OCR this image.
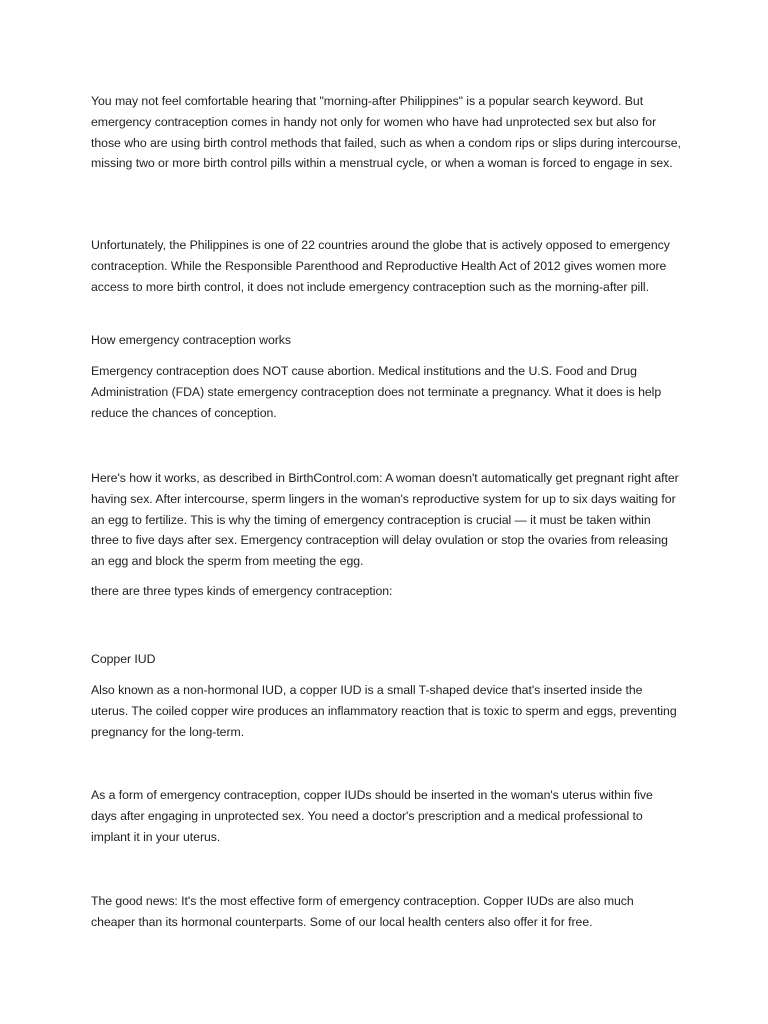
You may not feel comfortable hearing that "morning-after Philippines" is a popular search keyword. But emergency contraception comes in handy not only for women who have had unprotected sex but also for those who are using birth control methods that failed, such as when a condom rips or slips during intercourse, missing two or more birth control pills within a menstrual cycle, or when a woman is forced to engage in sex.

Unfortunately, the Philippines is one of 22 countries around the globe that is actively opposed to emergency contraception. While the Responsible Parenthood and Reproductive Health Act of 2012 gives women more access to more birth control, it does not include emergency contraception such as the morning-after pill.

How emergency contraception works

Emergency contraception does NOT cause abortion. Medical institutions and the U.S. Food and Drug Administration (FDA) state emergency contraception does not terminate a pregnancy. What it does is help reduce the chances of conception.

Here's how it works, as described in BirthControl.com: A woman doesn't automatically get pregnant right after having sex. After intercourse, sperm lingers in the woman's reproductive system for up to six days waiting for an egg to fertilize. This is why the timing of emergency contraception is crucial — it must be taken within three to five days after sex. Emergency contraception will delay ovulation or stop the ovaries from releasing an egg and block the sperm from meeting the egg.

there are three types kinds of emergency contraception:

Copper IUD

Also known as a non-hormonal IUD, a copper IUD is a small T-shaped device that's inserted inside the uterus. The coiled copper wire produces an inflammatory reaction that is toxic to sperm and eggs, preventing pregnancy for the long-term.

As a form of emergency contraception, copper IUDs should be inserted in the woman's uterus within five days after engaging in unprotected sex. You need a doctor's prescription and a medical professional to implant it in your uterus.

The good news: It's the most effective form of emergency contraception. Copper IUDs are also much cheaper than its hormonal counterparts. Some of our local health centers also offer it for free.
